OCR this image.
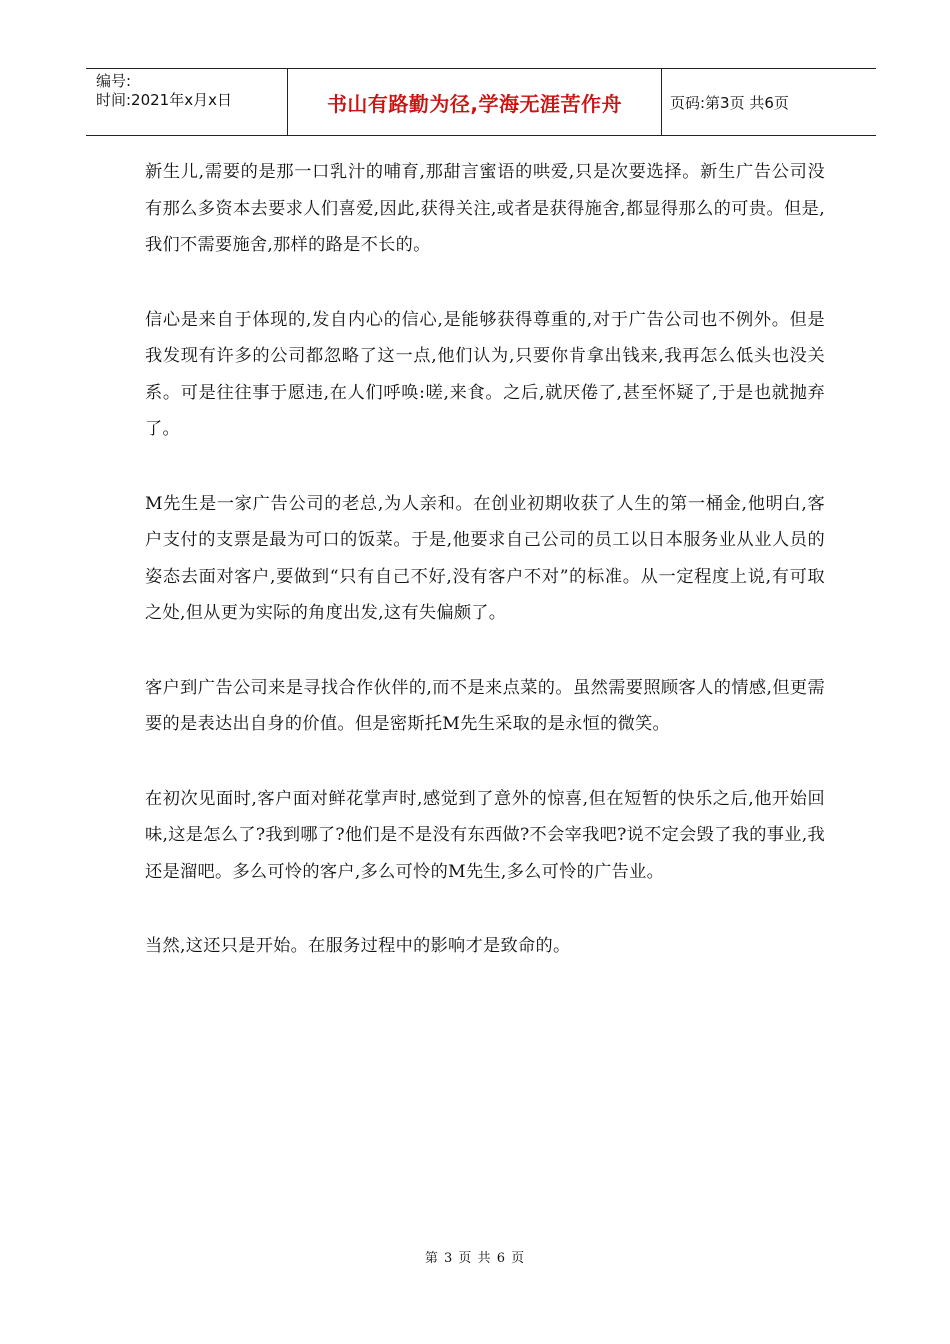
编号:
时间:2021年x月x日	书山有路勤为径,学海无涯苦作舟	页码:第3页 共6页

新生儿,需要的是那一口乳汁的哺育,那甜言蜜语的哄爱,只是次要选择。新生广告公司没有那么多资本去要求人们喜爱,因此,获得关注,或者是获得施舍,都显得那么的可贵。但是,我们不需要施舍,那样的路是不长的。

信心是来自于体现的,发自内心的信心,是能够获得尊重的,对于广告公司也不例外。但是我发现有许多的公司都忽略了这一点,他们认为,只要你肯拿出钱来,我再怎么低头也没关系。可是往往事于愿违,在人们呼唤:嗟,来食。之后,就厌倦了,甚至怀疑了,于是也就抛弃了。

M先生是一家广告公司的老总,为人亲和。在创业初期收获了人生的第一桶金,他明白,客户支付的支票是最为可口的饭菜。于是,他要求自己公司的员工以日本服务业从业人员的姿态去面对客户,要做到“只有自己不好,没有客户不对”的标准。从一定程度上说,有可取之处,但从更为实际的角度出发,这有失偏颇了。

客户到广告公司来是寻找合作伙伴的,而不是来点菜的。虽然需要照顾客人的情感,但更需要的是表达出自身的价值。但是密斯托M先生采取的是永恒的微笑。

在初次见面时,客户面对鲜花掌声时,感觉到了意外的惊喜,但在短暂的快乐之后,他开始回味,这是怎么了?我到哪了?他们是不是没有东西做?不会宰我吧?说不定会毁了我的事业,我还是溜吧。多么可怜的客户,多么可怜的M先生,多么可怜的广告业。

当然,这还只是开始。在服务过程中的影响才是致命的。

第 3 页 共 6 页
